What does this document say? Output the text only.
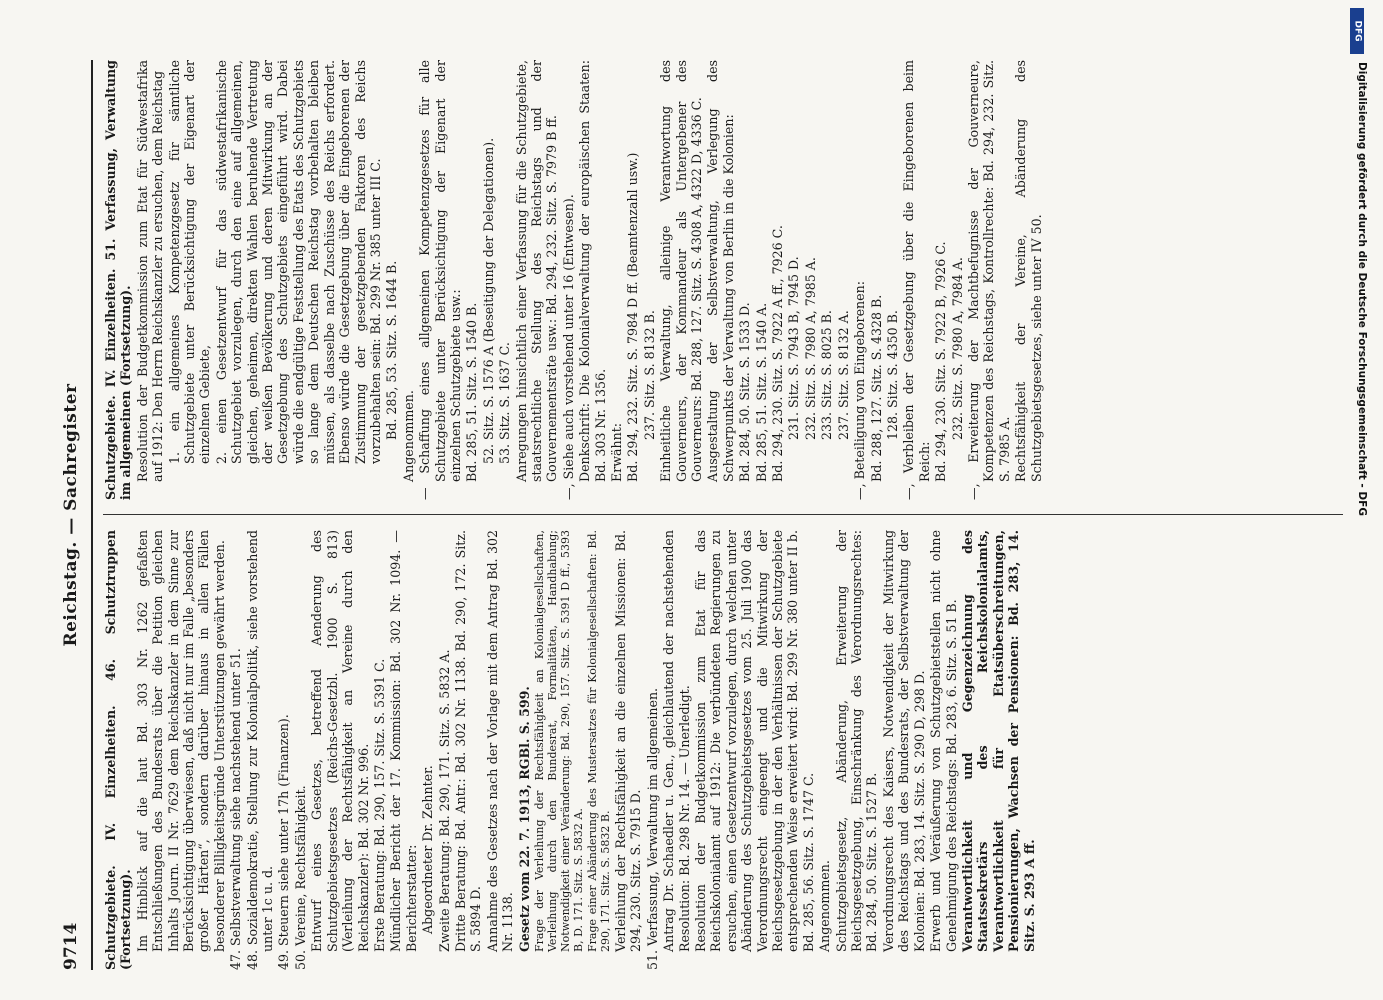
9714
Reichstag. — Sachregister

Schutzgebiete. IV. Einzelheiten. 46. Schutztruppen (Fortsetzung). Im Hinblick auf die laut Bd. 303 Nr. 1262 gefaßten Entschließungen des Bundesrats über die Petition gleichen Inhalts Journ. II Nr. 7629 dem Reichskanzler in dem Sinne zur Berücksichtigung überwiesen, daß nicht nur im Falle „besonders großer Härten“, sondern darüber hinaus in allen Fällen besonderer Billigkeitsgründe Unterstützungen gewährt werden. 47. Selbstverwaltung siehe nachstehend unter 51. 48. Sozialdemokratie, Stellung zur Kolonialpolitik, siehe vorstehend unter 1c u. d. 49. Steuern siehe unter 17h (Finanzen). 50. Vereine, Rechtsfähigkeit. Entwurf eines Gesetzes, betreffend Aenderung des Schutzgebietsgesetzes (Reichs-Gesetzbl. 1900 S. 813) (Verleihung der Rechtsfähigkeit an Vereine durch den Reichskanzler): Bd. 302 Nr. 996. Erste Beratung: Bd. 290, 157. Sitz. S. 5391 C. Mündlicher Bericht der 17. Kommission: Bd. 302 Nr. 1094. — Berichterstatter: Abgeordneter Dr. Zehnter. Zweite Beratung: Bd. 290, 171. Sitz. S. 5832 A. Dritte Beratung: Bd. Antr.: Bd. 302 Nr. 1138. Bd. 290, 172. Sitz. S. 5894 D. Annahme des Gesetzes nach der Vorlage mit dem Antrag Bd. 302 Nr. 1138. Gesetz vom 22. 7. 1913, RGBl. S. 599. Frage der Verleihung der Rechtsfähigkeit an Kolonialgesellschaften, Verleihung durch den Bundesrat, Formalitäten, Handhabung; Notwendigkeit einer Veränderung: Bd. 290, 157. Sitz. S. 5391 D ff., 5393 B, D. 171. Sitz. S. 5832 A. Frage einer Abänderung des Mustersatzes für Kolonialgesellschaften: Bd. 290, 171. Sitz. S. 5832 B. Verleihung der Rechtsfähigkeit an die einzelnen Missionen: Bd. 294, 230. Sitz. S. 7915 D. 51. Verfassung, Verwaltung im allgemeinen. Antrag Dr. Schaedler u. Gen., gleichlautend der nachstehenden Resolution: Bd. 298 Nr. 14. — Unerledigt. Resolution der Budgetkommission zum Etat für das Reichskolonialamt auf 1912: Die verbündeten Regierungen zu ersuchen, einen Gesetzentwurf vorzulegen, durch welchen unter Abänderung des Schutzgebietsgesetzes vom 25. Juli 1900 das Verordnungsrecht eingeengt und die Mitwirkung der Reichsgesetzgebung in der den Verhältnissen der Schutzgebiete entsprechenden Weise erweitert wird: Bd. 299 Nr. 380 unter II b. Bd. 285, 56. Sitz. S. 1747 C. Angenommen. Schutzgebietsgesetz, Abänderung, Erweiterung der Reichsgesetzgebung, Einschränkung des Verordnungsrechtes: Bd. 284, 50. Sitz. S. 1527 B. Verordnungsrecht des Kaisers, Notwendigkeit der Mitwirkung des Reichstags und des Bundesrats, der Selbstverwaltung der Kolonien: Bd. 283, 14. Sitz. S. 290 D, 298 D. Erwerb und Veräußerung von Schutzgebietstellen nicht ohne Genehmigung des Reichstags: Bd. 283, 6. Sitz. S. 51 B. Verantwortlichkeit und Gegenzeichnung des Staatssekretärs des Reichskolonialamts, Verantwortlichkeit für Etatsüberschreitungen, Pensionierungen, Wachsen der Pensionen: Bd. 283, 14. Sitz. S. 293 A ff.

Schutzgebiete. IV. Einzelheiten. 51. Verfassung, Verwaltung im allgemeinen (Fortsetzung). Resolution der Budgetkommission zum Etat für Südwestafrika auf 1912: Den Herrn Reichskanzler zu ersuchen, dem Reichstag 1. ein allgemeines Kompetenzgesetz für sämtliche Schutzgebiete unter Berücksichtigung der Eigenart der einzelnen Gebiete, 2. einen Gesetzentwurf für das südwestafrikanische Schutzgebiet vorzulegen, durch den eine auf allgemeinen, gleichen, geheimen, direkten Wahlen beruhende Vertretung der weißen Bevölkerung und deren Mitwirkung an der Gesetzgebung des Schutzgebiets eingeführt wird. Dabei würde die endgültige Feststellung des Etats des Schutzgebiets so lange dem Deutschen Reichstag vorbehalten bleiben müssen, als dasselbe nach Zuschüsse des Reichs erfordert. Ebenso würde die Gesetzgebung über die Eingeborenen der Zustimmung der gesetzgebenden Faktoren des Reichs vorzubehalten sein: Bd. 299 Nr. 385 unter III C. Bd. 285, 53. Sitz. S. 1644 B. Angenommen. — Schaffung eines allgemeinen Kompetenzgesetzes für alle Schutzgebiete unter Berücksichtigung der Eigenart der einzelnen Schutzgebiete usw.: Bd. 285, 51. Sitz. S. 1540 B. 52. Sitz. S. 1576 A (Beseitigung der Delegationen). 53. Sitz. S. 1637 C. Anregungen hinsichtlich einer Verfassung für die Schutzgebiete, staatsrechtliche Stellung des Reichstags und der Gouvernementsräte usw.: Bd. 294, 232. Sitz. S. 7979 B ff. —, Siehe auch vorstehend unter 16 (Entwesen). Denkschrift: Die Kolonialverwaltung der europäischen Staaten: Bd. 303 Nr. 1356. Erwähnt: Bd. 294, 232. Sitz. S. 7984 D ff. (Beamtenzahl usw.) 237. Sitz. S. 8132 B. Einheitliche Verwaltung, alleinige Verantwortung des Gouverneurs, der Kommandeur als Untergebener des Gouverneurs: Bd. 288, 127. Sitz. S. 4308 A, 4322 D, 4336 C. Ausgestaltung der Selbstverwaltung, Verlegung des Schwerpunkts der Verwaltung von Berlin in die Kolonien: Bd. 284, 50. Sitz. S. 1533 D. Bd. 285, 51. Sitz. S. 1540 A. Bd. 294, 230. Sitz. S. 7922 A ff., 7926 C. 231. Sitz. S. 7943 B, 7945 D. 232. Sitz. S. 7980 A, 7985 A. 233. Sitz. S. 8025 B. 237. Sitz. S. 8132 A. —, Beteiligung von Eingeborenen: Bd. 288, 127. Sitz. S. 4328 B. 128. Sitz. S. 4350 B. —, Verbleiben der Gesetzgebung über die Eingeborenen beim Reich: Bd. 294, 230. Sitz. S. 7922 B, 7926 C. 232. Sitz. S. 7980 A, 7984 A. —, Erweiterung der Machtbefugnisse der Gouverneure, Kompetenzen des Reichstags, Kontrollrechte: Bd. 294, 232. Sitz. S. 7985 A. Rechtsfähigkeit der Vereine, Abänderung des Schutzgebietsgesetzes, siehe unter IV 50.

DFG
Digitalisierung gefördert durch die Deutsche Forschungsgemeinschaft - DFG
